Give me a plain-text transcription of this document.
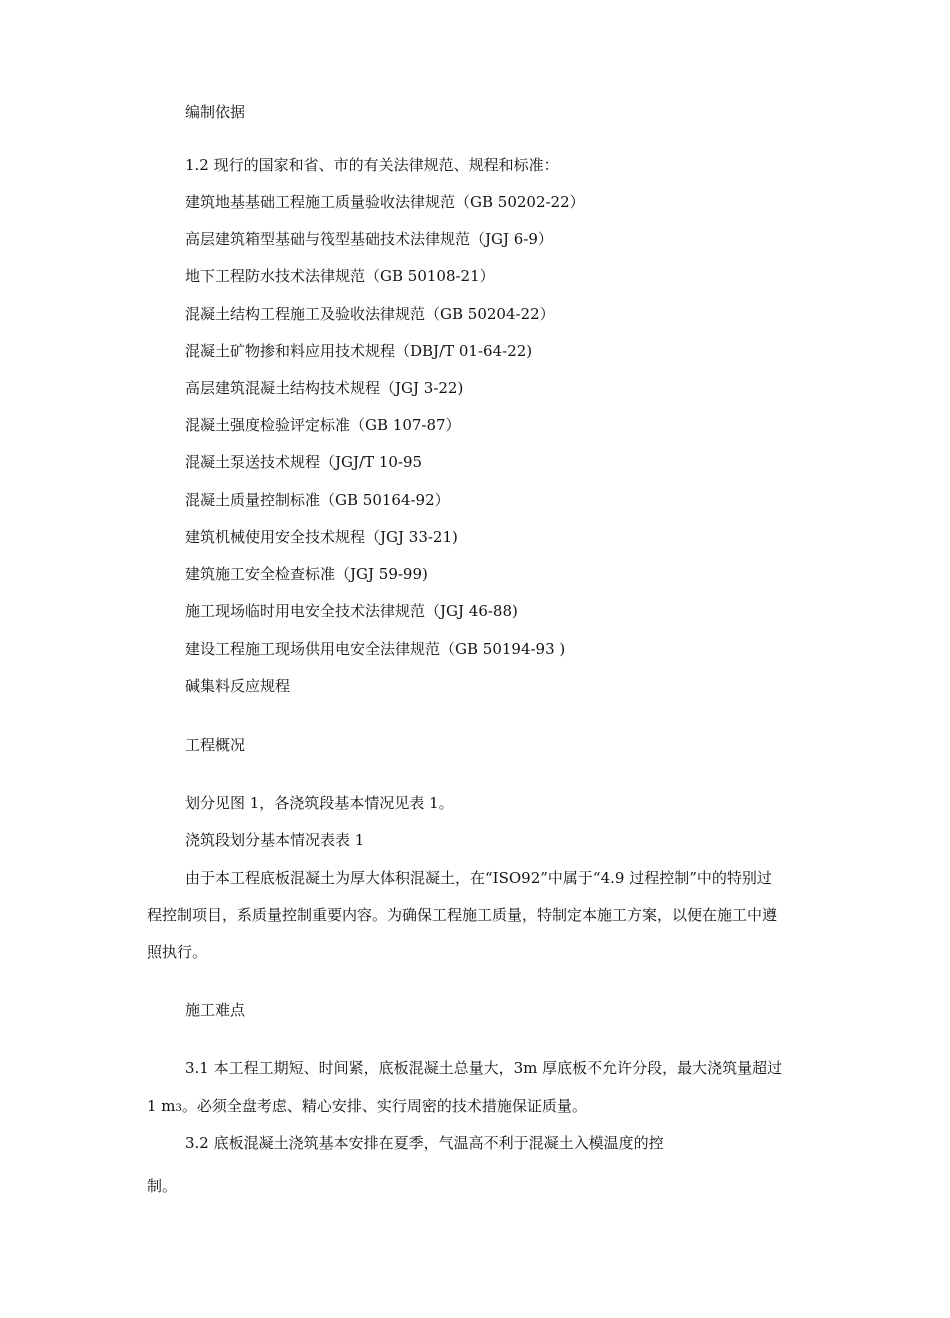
编制依据
1.2 现行的国家和省、市的有关法律规范、规程和标准：
建筑地基基础工程施工质量验收法律规范（GB 50202-22）
高层建筑箱型基础与筏型基础技术法律规范（JGJ 6-9）
地下工程防水技术法律规范（GB 50108-21）
混凝土结构工程施工及验收法律规范（GB 50204-22）
混凝土矿物掺和料应用技术规程（DBJ/T 01-64-22)
高层建筑混凝土结构技术规程（JGJ 3-22)
混凝土强度检验评定标准（GB 107-87）
混凝土泵送技术规程（JGJ/T 10-95
混凝土质量控制标准（GB 50164-92）
建筑机械使用安全技术规程（JGJ 33-21)
建筑施工安全检查标准（JGJ 59-99)
施工现场临时用电安全技术法律规范（JGJ 46-88)
建设工程施工现场供用电安全法律规范（GB 50194-93 )
碱集料反应规程
工程概况
划分见图 1，各浇筑段基本情况见表 1。
浇筑段划分基本情况表表 1
由于本工程底板混凝土为厚大体积混凝土，在“ISO92”中属于“4.9 过程控制”中的特别过
程控制项目，系质量控制重要内容。为确保工程施工质量，特制定本施工方案，以便在施工中遵
照执行。
施工难点
3.1 本工程工期短、时间紧，底板混凝土总量大，3m 厚底板不允许分段，最大浇筑量超过
1 m3。必须全盘考虑、精心安排、实行周密的技术措施保证质量。
3.2 底板混凝土浇筑基本安排在夏季，气温高不利于混凝土入模温度的控
制。
